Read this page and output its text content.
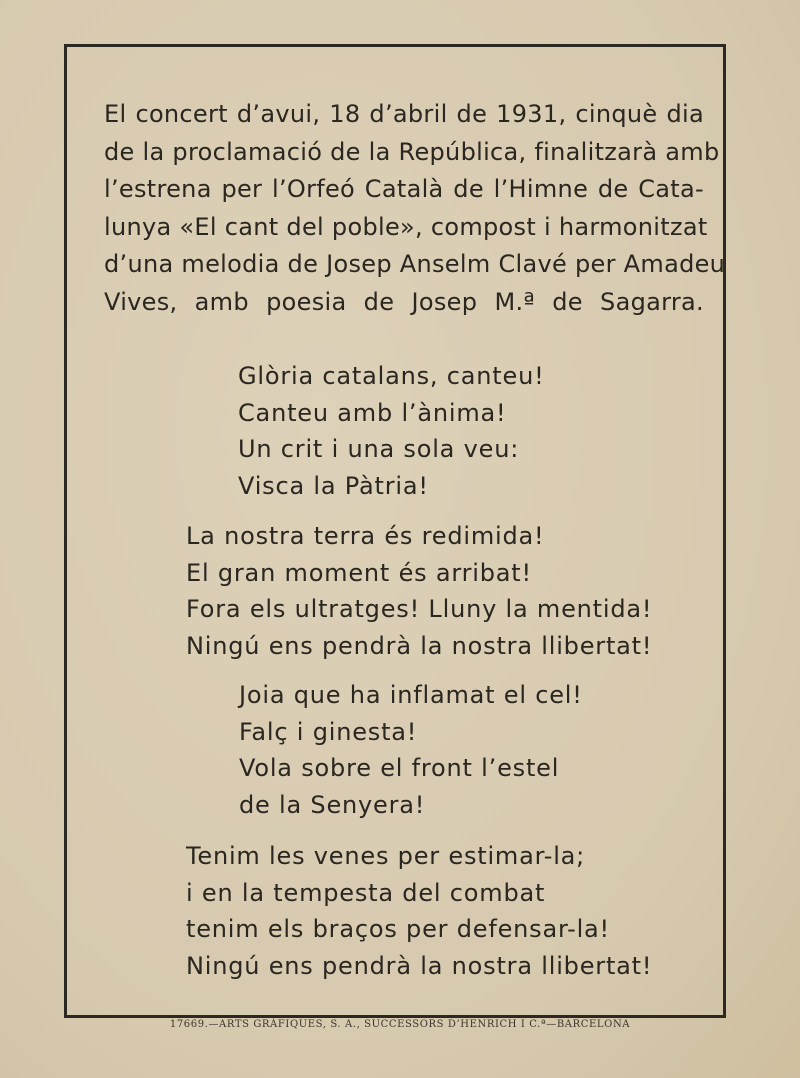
El concert d’avui, 18 d’abril de 1931, cinquè dia
de la proclamació de la República, finalitzarà amb
l’estrena per l’Orfeó Català de l’Himne de Cata-
lunya «El cant del poble», compost i harmonitzat
d’una melodia de Josep Anselm Clavé per Amadeu
Vives, amb poesia de Josep M.ª de Sagarra.
Glòria catalans, canteu!
Canteu amb l’ànima!
Un crit i una sola veu:
Visca la Pàtria!
La nostra terra és redimida!
El gran moment és arribat!
Fora els ultratges! Lluny la mentida!
Ningú ens pendrà la nostra llibertat!
Joia que ha inflamat el cel!
Falç i ginesta!
Vola sobre el front l’estel
de la Senyera!
Tenim les venes per estimar-la;
i en la tempesta del combat
tenim els braços per defensar-la!
Ningú ens pendrà la nostra llibertat!
17669.—ARTS GRÀFIQUES, S. A., SUCCESSORS D’HENRICH I C.ª—BARCELONA
